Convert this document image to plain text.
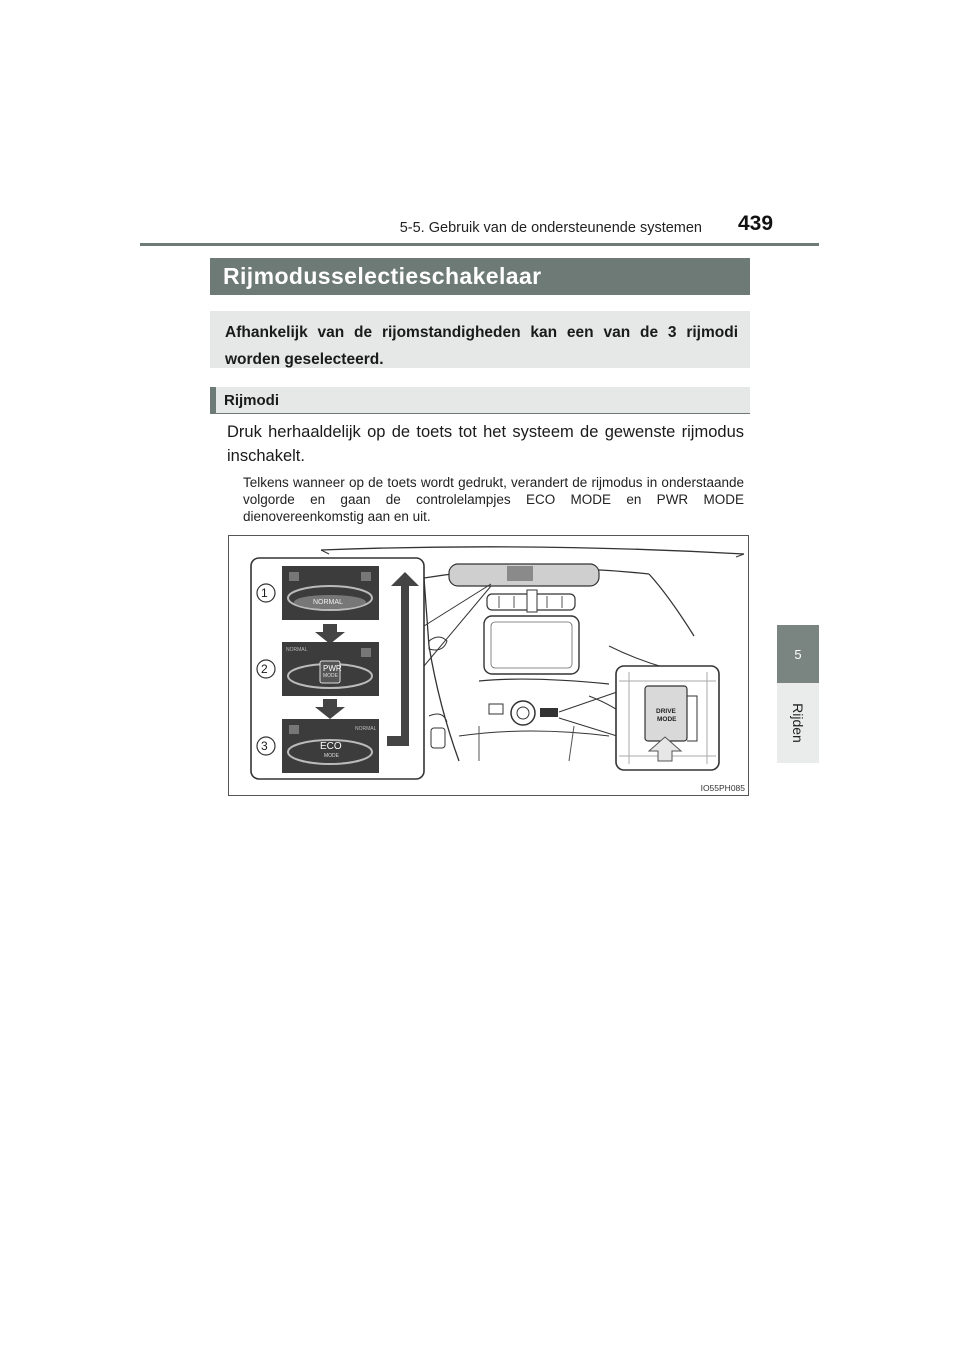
5-5. Gebruik van de ondersteunende systemen 439
5
Rijden
Rijmodusselectieschakelaar

Afhankelijk van de rijomstandigheden kan een van de 3 rijmodi worden geselecteerd.

Rijmodi

Druk herhaaldelijk op de toets tot het systeem de gewenste rijmodus inschakelt.

Telkens wanneer op de toets wordt gedrukt, verandert de rijmodus in onderstaande volgorde en gaan de controlelampjes ECO MODE en PWR MODE dienovereenkomstig aan en uit.

1
2
3
NORMAL
PWR
MODE
NORMAL
ECO
MODE
NORMAL
DRIVE
MODE
IO55PH085
